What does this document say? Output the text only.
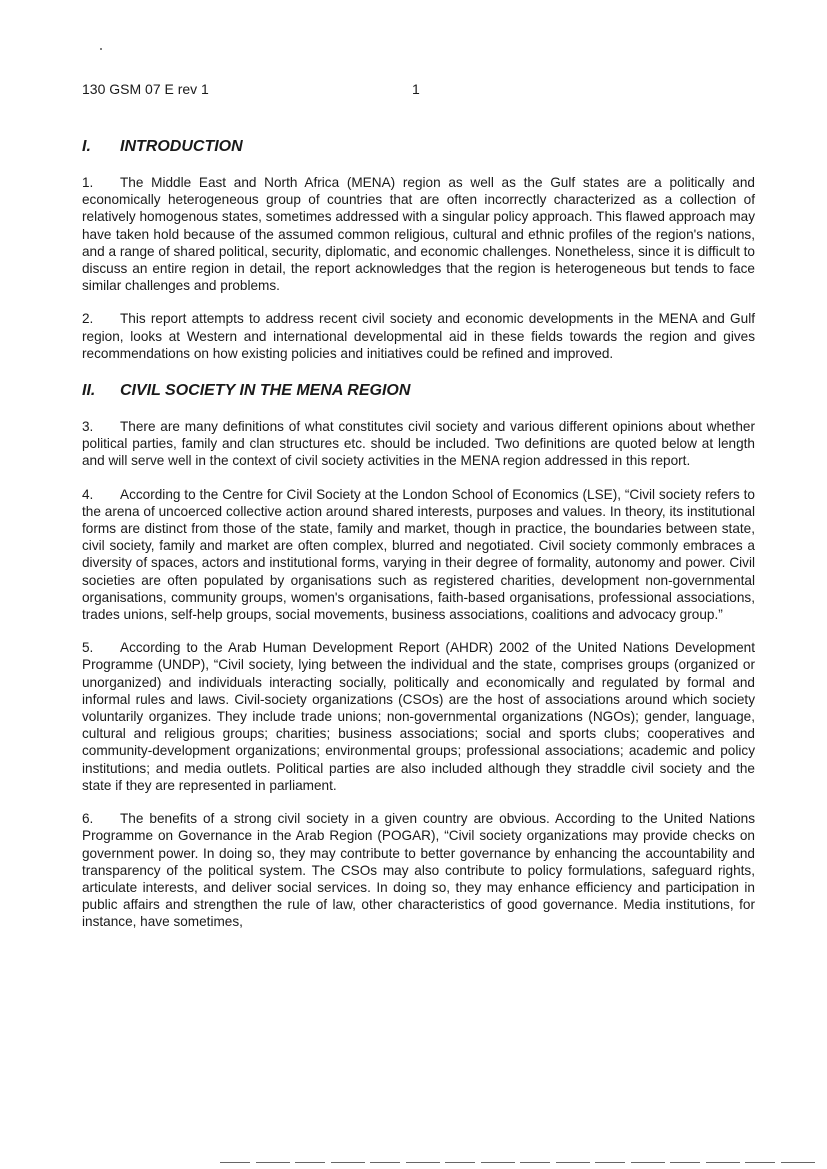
130 GSM 07 E rev 1	1
I.	INTRODUCTION

1. The Middle East and North Africa (MENA) region as well as the Gulf states are a politically and economically heterogeneous group of countries that are often incorrectly characterized as a collection of relatively homogenous states, sometimes addressed with a singular policy approach. This flawed approach may have taken hold because of the assumed common religious, cultural and ethnic profiles of the region's nations, and a range of shared political, security, diplomatic, and economic challenges. Nonetheless, since it is difficult to discuss an entire region in detail, the report acknowledges that the region is heterogeneous but tends to face similar challenges and problems.

2. This report attempts to address recent civil society and economic developments in the MENA and Gulf region, looks at Western and international developmental aid in these fields towards the region and gives recommendations on how existing policies and initiatives could be refined and improved.

II.	CIVIL SOCIETY IN THE MENA REGION

3. There are many definitions of what constitutes civil society and various different opinions about whether political parties, family and clan structures etc. should be included. Two definitions are quoted below at length and will serve well in the context of civil society activities in the MENA region addressed in this report.

4. According to the Centre for Civil Society at the London School of Economics (LSE), “Civil society refers to the arena of uncoerced collective action around shared interests, purposes and values. In theory, its institutional forms are distinct from those of the state, family and market, though in practice, the boundaries between state, civil society, family and market are often complex, blurred and negotiated. Civil society commonly embraces a diversity of spaces, actors and institutional forms, varying in their degree of formality, autonomy and power. Civil societies are often populated by organisations such as registered charities, development non-governmental organisations, community groups, women's organisations, faith-based organisations, professional associations, trades unions, self-help groups, social movements, business associations, coalitions and advocacy group.”

5. According to the Arab Human Development Report (AHDR) 2002 of the United Nations Development Programme (UNDP), “Civil society, lying between the individual and the state, comprises groups (organized or unorganized) and individuals interacting socially, politically and economically and regulated by formal and informal rules and laws. Civil-society organizations (CSOs) are the host of associations around which society voluntarily organizes. They include trade unions; non-governmental organizations (NGOs); gender, language, cultural and religious groups; charities; business associations; social and sports clubs; cooperatives and community-development organizations; environmental groups; professional associations; academic and policy institutions; and media outlets. Political parties are also included although they straddle civil society and the state if they are represented in parliament.

6. The benefits of a strong civil society in a given country are obvious. According to the United Nations Programme on Governance in the Arab Region (POGAR), “Civil society organizations may provide checks on government power. In doing so, they may contribute to better governance by enhancing the accountability and transparency of the political system. The CSOs may also contribute to policy formulations, safeguard rights, articulate interests, and deliver social services. In doing so, they may enhance efficiency and participation in public affairs and strengthen the rule of law, other characteristics of good governance. Media institutions, for instance, have sometimes,
